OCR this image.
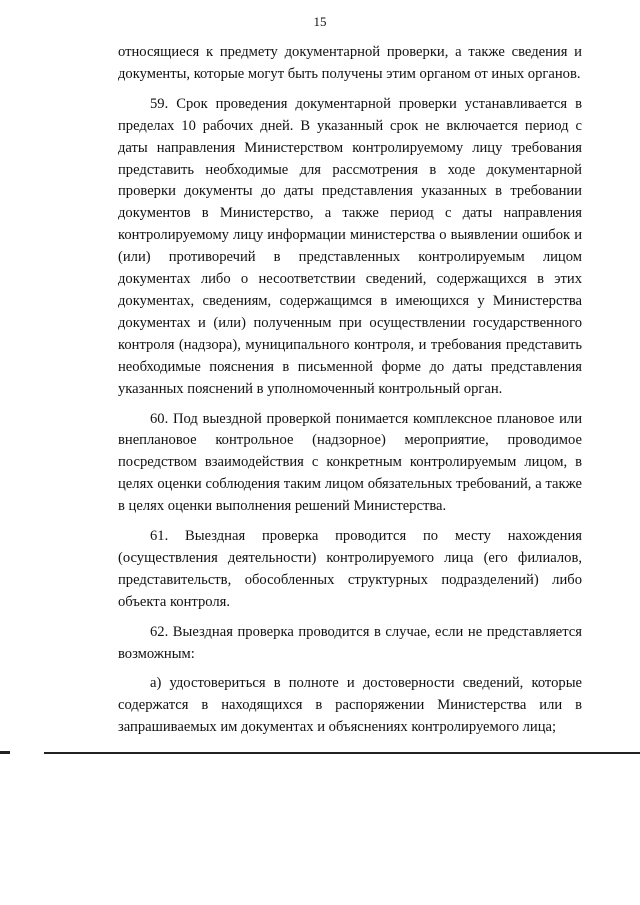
15

относящиеся к предмету документарной проверки, а также сведения и документы, которые могут быть получены этим органом от иных органов.

59. Срок проведения документарной проверки устанавливается в пределах 10 рабочих дней. В указанный срок не включается период с даты направления Министерством контролируемому лицу требования представить необходимые для рассмотрения в ходе документарной проверки документы до даты представления указанных в требовании документов в Министерство, а также период с даты направления контролируемому лицу информации министерства о выявлении ошибок и (или) противоречий в представленных контролируемым лицом документах либо о несоответствии сведений, содержащихся в этих документах, сведениям, содержащимся в имеющихся у Министерства документах и (или) полученным при осуществлении государственного контроля (надзора), муниципального контроля, и требования представить необходимые пояснения в письменной форме до даты представления указанных пояснений в уполномоченный контрольный орган.

60. Под выездной проверкой понимается комплексное плановое или внеплановое контрольное (надзорное) мероприятие, проводимое посредством взаимодействия с конкретным контролируемым лицом, в целях оценки соблюдения таким лицом обязательных требований, а также в целях оценки выполнения решений Министерства.

61. Выездная проверка проводится по месту нахождения (осуществления деятельности) контролируемого лица (его филиалов, представительств, обособленных структурных подразделений) либо объекта контроля.

62. Выездная проверка проводится в случае, если не представляется возможным:

а) удостовериться в полноте и достоверности сведений, которые содержатся в находящихся в распоряжении Министерства или в запрашиваемых им документах и объяснениях контролируемого лица;
